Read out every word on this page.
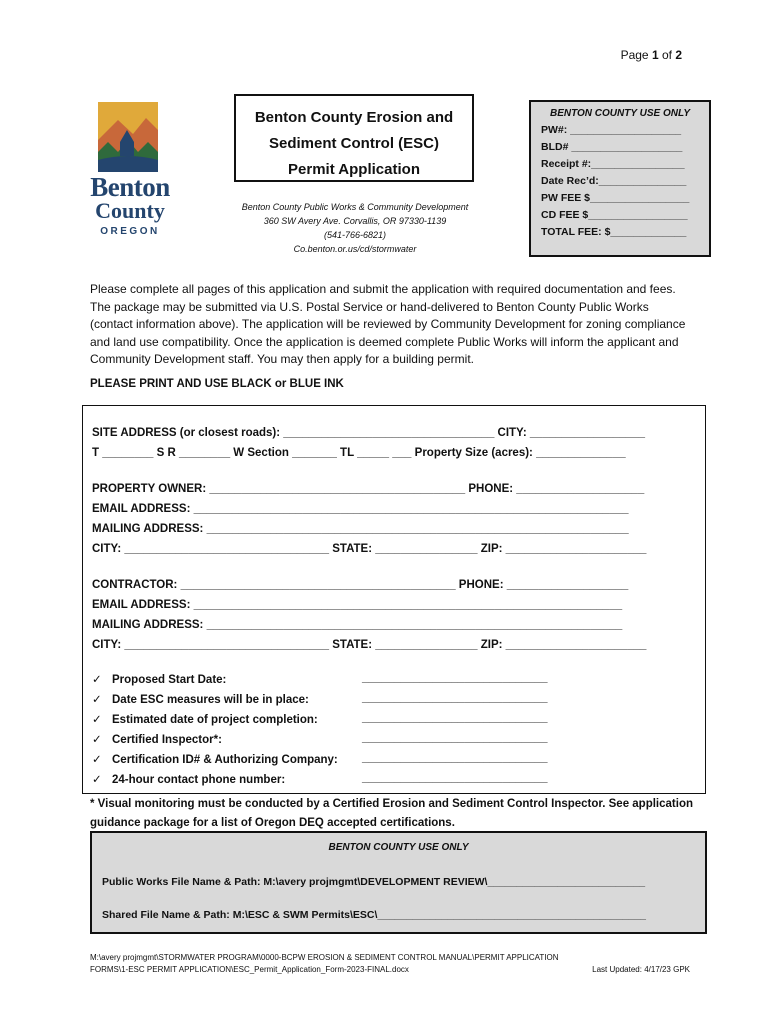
Page 1 of 2
Benton
County
OREGON
Benton County Erosion and
Sediment Control (ESC)
Permit Application
Benton County Public Works & Community Development
360 SW Avery Ave. Corvallis, OR 97330-1139
(541-766-6821)
Co.benton.or.us/cd/stormwater
BENTON COUNTY USE ONLY
PW#: ___________________
BLD# ___________________
Receipt #:________________
Date Rec’d:_______________
PW FEE $_________________
CD FEE $_________________
TOTAL FEE: $_____________
Please complete all pages of this application and submit the application with required documentation and fees. The package may be submitted via U.S. Postal Service or hand-delivered to Benton County Public Works (contact information above). The application will be reviewed by Community Development for zoning compliance and land use compatibility. Once the application is deemed complete Public Works will inform the applicant and Community Development staff. You may then apply for a building permit.
PLEASE PRINT AND USE BLACK or BLUE INK
SITE ADDRESS (or closest roads): _________________________________ CITY: __________________
T ________ S R ________ W Section _______ TL _____ ___ Property Size (acres): ______________
PROPERTY OWNER: ________________________________________ PHONE: ____________________
EMAIL ADDRESS: ____________________________________________________________________
MAILING ADDRESS: __________________________________________________________________
CITY: ________________________________ STATE: ________________ ZIP: ______________________
CONTRACTOR: ___________________________________________ PHONE: ___________________
EMAIL ADDRESS: ___________________________________________________________________
MAILING ADDRESS: _________________________________________________________________
CITY: ________________________________ STATE: ________________ ZIP: ______________________
✓ Proposed Start Date:	_____________________________
✓ Date ESC measures will be in place:	_____________________________
✓ Estimated date of project completion:	_____________________________
✓ Certified Inspector*:	_____________________________
✓ Certification ID# & Authorizing Company: _____________________________
✓ 24-hour contact phone number:	_____________________________
* Visual monitoring must be conducted by a Certified Erosion and Sediment Control Inspector. See application guidance package for a list of Oregon DEQ accepted certifications.
BENTON COUNTY USE ONLY
Public Works File Name & Path: M:\avery projmgmt\DEVELOPMENT REVIEW\___________________________
Shared File Name & Path: M:\ESC & SWM Permits\ESC\______________________________________________
M:\avery projmgmt\STORMWATER PROGRAM\0000-BCPW EROSION & SEDIMENT CONTROL MANUAL\PERMIT APPLICATION FORMS\1-ESC PERMIT APPLICATION\ESC_Permit_Application_Form-2023-FINAL.docx	Last Updated: 4/17/23 GPK
